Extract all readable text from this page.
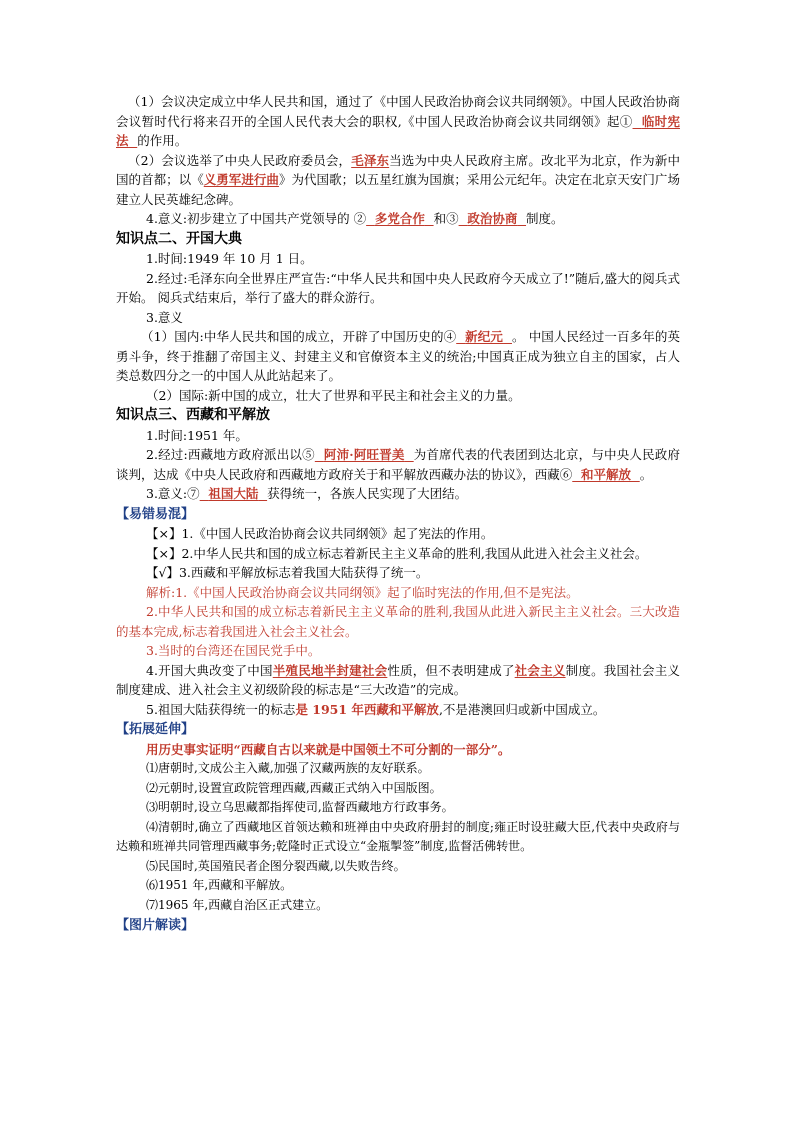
（1）会议决定成立中华人民共和国，通过了《中国人民政治协商会议共同纲领》。中国人民政治协商会议暂时代行将来召开的全国人民代表大会的职权,《中国人民政治协商会议共同纲领》起① 临时宪法 的作用。

（2）会议选举了中央人民政府委员会，毛泽东当选为中央人民政府主席。改北平为北京，作为新中国的首都；以《义勇军进行曲》为代国歌；以五星红旗为国旗；采用公元纪年。决定在北京天安门广场建立人民英雄纪念碑。

4.意义:初步建立了中国共产党领导的 ② 多党合作 和③ 政治协商 制度。

知识点二、开国大典

1.时间:1949 年 10 月 1 日。

2.经过:毛泽东向全世界庄严宣告:“中华人民共和国中央人民政府今天成立了!”随后,盛大的阅兵式开始。 阅兵式结束后，举行了盛大的群众游行。

3.意义

（1）国内:中华人民共和国的成立，开辟了中国历史的④ 新纪元 。 中国人民经过一百多年的英勇斗争，终于推翻了帝国主义、封建主义和官僚资本主义的统治;中国真正成为独立自主的国家，占人类总数四分之一的中国人从此站起来了。

（2）国际:新中国的成立，壮大了世界和平民主和社会主义的力量。

知识点三、西藏和平解放

1.时间:1951 年。

2.经过:西藏地方政府派出以⑤ 阿沛·阿旺晋美 为首席代表的代表团到达北京，与中央人民政府谈判，达成《中央人民政府和西藏地方政府关于和平解放西藏办法的协议》，西藏⑥ 和平解放 。

3.意义:⑦ 祖国大陆 获得统一，各族人民实现了大团结。

【易错易混】

【×】1.《中国人民政治协商会议共同纲领》起了宪法的作用。

【×】2.中华人民共和国的成立标志着新民主主义革命的胜利,我国从此进入社会主义社会。

【√】3.西藏和平解放标志着我国大陆获得了统一。

解析:1.《中国人民政治协商会议共同纲领》起了临时宪法的作用,但不是宪法。

2.中华人民共和国的成立标志着新民主主义革命的胜利,我国从此进入新民主主义社会。三大改造的基本完成,标志着我国进入社会主义社会。

3.当时的台湾还在国民党手中。

4.开国大典改变了中国半殖民地半封建社会性质，但不表明建成了社会主义制度。我国社会主义制度建成、进入社会主义初级阶段的标志是“三大改造”的完成。

5.祖国大陆获得统一的标志是 1951 年西藏和平解放,不是港澳回归或新中国成立。

【拓展延伸】

用历史事实证明“西藏自古以来就是中国领土不可分割的一部分”。

⑴唐朝时,文成公主入藏,加强了汉藏两族的友好联系。

⑵元朝时,设置宣政院管理西藏,西藏正式纳入中国版图。

⑶明朝时,设立乌思藏都指挥使司,监督西藏地方行政事务。

⑷清朝时,确立了西藏地区首领达赖和班禅由中央政府册封的制度;雍正时设驻藏大臣,代表中央政府与达赖和班禅共同管理西藏事务;乾隆时正式设立“金瓶掣签”制度,监督活佛转世。

⑸民国时,英国殖民者企图分裂西藏,以失败告终。

⑹1951 年,西藏和平解放。

⑺1965 年,西藏自治区正式建立。

【图片解读】
